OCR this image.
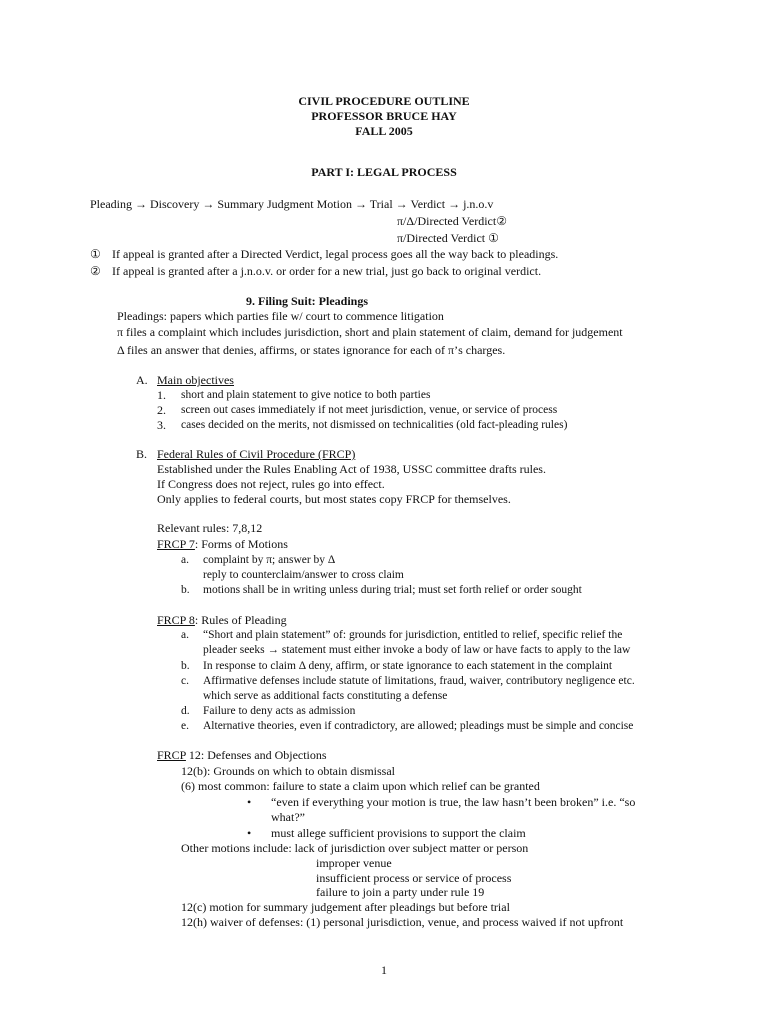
CIVIL PROCEDURE OUTLINE
PROFESSOR BRUCE HAY
FALL 2005
PART I: LEGAL PROCESS
Pleading → Discovery → Summary Judgment Motion → Trial → Verdict → j.n.o.v
π/Δ/Directed Verdict②
π/Directed Verdict ①
① If appeal is granted after a Directed Verdict, legal process goes all the way back to pleadings.
② If appeal is granted after a j.n.o.v. or order for a new trial, just go back to original verdict.
9. Filing Suit: Pleadings
Pleadings: papers which parties file w/ court to commence litigation
π files a complaint which includes jurisdiction, short and plain statement of claim, demand for judgement
Δ files an answer that denies, affirms, or states ignorance for each of π’s charges.
A. Main objectives
1. short and plain statement to give notice to both parties
2. screen out cases immediately if not meet jurisdiction, venue, or service of process
3. cases decided on the merits, not dismissed on technicalities (old fact-pleading rules)
B. Federal Rules of Civil Procedure (FRCP)
Established under the Rules Enabling Act of 1938, USSC committee drafts rules.
If Congress does not reject, rules go into effect.
Only applies to federal courts, but most states copy FRCP for themselves.
Relevant rules: 7,8,12
FRCP 7: Forms of Motions
a. complaint by π; answer by Δ
reply to counterclaim/answer to cross claim
b. motions shall be in writing unless during trial; must set forth relief or order sought
FRCP 8: Rules of Pleading
a. “Short and plain statement” of: grounds for jurisdiction, entitled to relief, specific relief the
pleader seeks → statement must either invoke a body of law or have facts to apply to the law
b. In response to claim Δ deny, affirm, or state ignorance to each statement in the complaint
c. Affirmative defenses include statute of limitations, fraud, waiver, contributory negligence etc.
which serve as additional facts constituting a defense
d. Failure to deny acts as admission
e. Alternative theories, even if contradictory, are allowed; pleadings must be simple and concise
FRCP 12: Defenses and Objections
12(b): Grounds on which to obtain dismissal
(6) most common: failure to state a claim upon which relief can be granted
• “even if everything your motion is true, the law hasn’t been broken” i.e. “so
what?”
• must allege sufficient provisions to support the claim
Other motions include: lack of jurisdiction over subject matter or person
improper venue
insufficient process or service of process
failure to join a party under rule 19
12(c) motion for summary judgement after pleadings but before trial
12(h) waiver of defenses: (1) personal jurisdiction, venue, and process waived if not upfront
1
